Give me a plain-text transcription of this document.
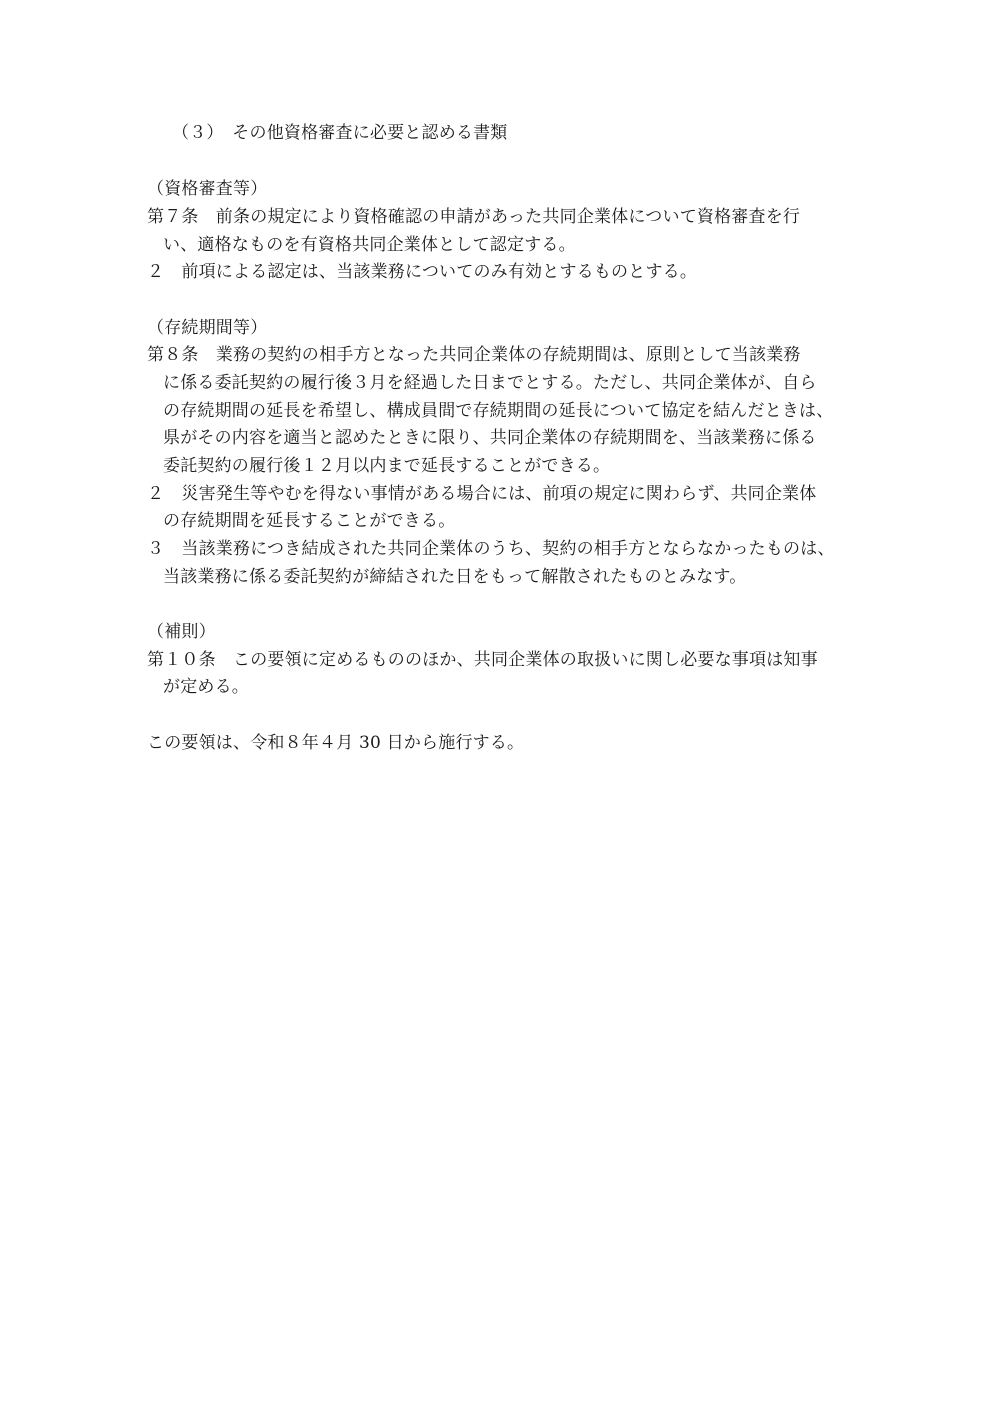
（３）　その他資格審査に必要と認める書類
（資格審査等）
第７条　前条の規定により資格確認の申請があった共同企業体について資格審査を行
い、適格なものを有資格共同企業体として認定する。
２　前項による認定は、当該業務についてのみ有効とするものとする。
（存続期間等）
第８条　業務の契約の相手方となった共同企業体の存続期間は、原則として当該業務
に係る委託契約の履行後３月を経過した日までとする。ただし、共同企業体が、自ら
の存続期間の延長を希望し、構成員間で存続期間の延長について協定を結んだときは、
県がその内容を適当と認めたときに限り、共同企業体の存続期間を、当該業務に係る
委託契約の履行後１２月以内まで延長することができる。
２　災害発生等やむを得ない事情がある場合には、前項の規定に関わらず、共同企業体
の存続期間を延長することができる。
３　当該業務につき結成された共同企業体のうち、契約の相手方とならなかったものは、
当該業務に係る委託契約が締結された日をもって解散されたものとみなす。
（補則）
第１０条　この要領に定めるもののほか、共同企業体の取扱いに関し必要な事項は知事
が定める。
この要領は、令和８年４月 30 日から施行する。
